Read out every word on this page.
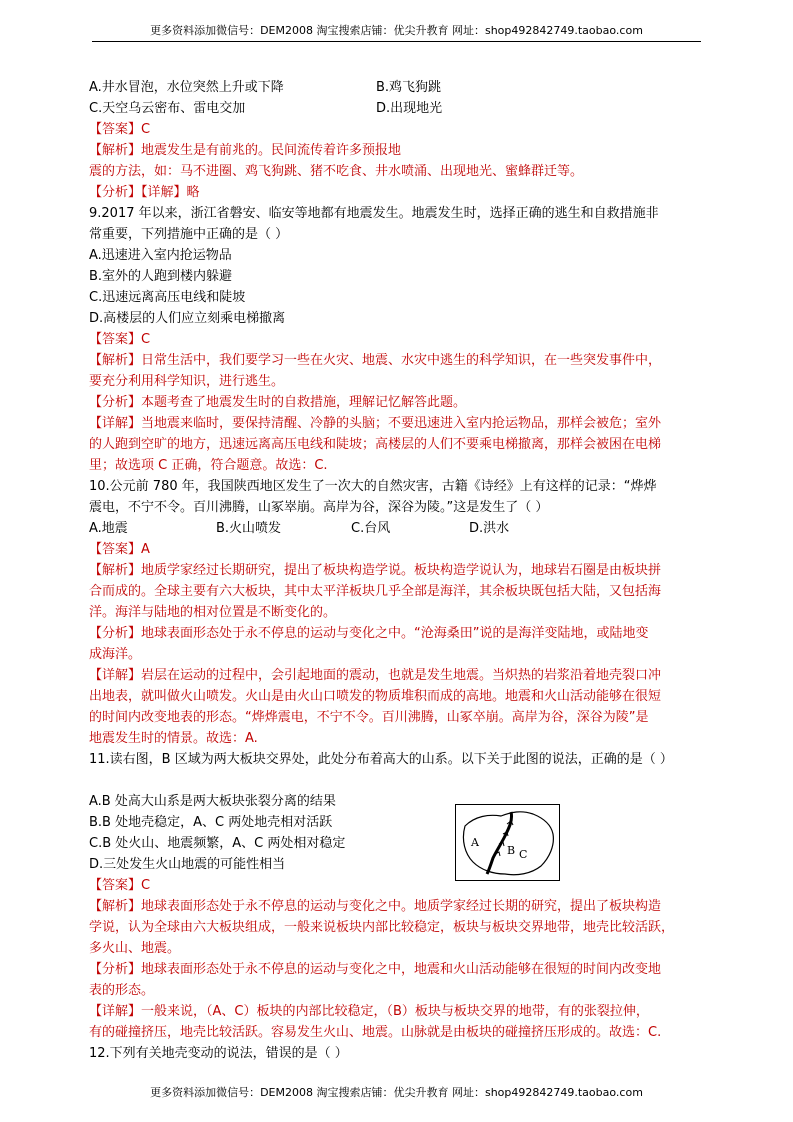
更多资料添加微信号：DEM2008 淘宝搜索店铺：优尖升教育 网址：shop492842749.taobao.com
A.井水冒泡，水位突然上升或下降	B.鸡飞狗跳
C.天空乌云密布、雷电交加	D.出现地光
【答案】C
【解析】地震发生是有前兆的。民间流传着许多预报地
震的方法，如：马不进圈、鸡飞狗跳、猪不吃食、井水喷涌、出现地光、蜜蜂群迁等。
【分析】【详解】略
9.2017 年以来，浙江省磐安、临安等地都有地震发生。地震发生时，选择正确的逃生和自救措施非
常重要，下列措施中正确的是（ ）
A.迅速进入室内抢运物品
B.室外的人跑到楼内躲避
C.迅速远离高压电线和陡坡
D.高楼层的人们应立刻乘电梯撤离
【答案】C
【解析】日常生活中，我们要学习一些在火灾、地震、水灾中逃生的科学知识，在一些突发事件中，
要充分利用科学知识，进行逃生。
【分析】本题考查了地震发生时的自救措施，理解记忆解答此题。
【详解】当地震来临时，要保持清醒、冷静的头脑；不要迅速进入室内抢运物品，那样会被危；室外
的人跑到空旷的地方，迅速远离高压电线和陡坡；高楼层的人们不要乘电梯撤离，那样会被困在电梯
里；故选项 C 正确，符合题意。故选：C.
10.公元前 780 年，我国陕西地区发生了一次大的自然灾害，古籍《诗经》上有这样的记录：“烨烨
震电，不宁不令。百川沸腾，山冢崒崩。高岸为谷，深谷为陵。”这是发生了（ ）
A.地震	B.火山喷发	C.台风	D.洪水
【答案】A
【解析】地质学家经过长期研究，提出了板块构造学说。板块构造学说认为，地球岩石圈是由板块拼
合而成的。全球主要有六大板块，其中太平洋板块几乎全部是海洋，其余板块既包括大陆，又包括海
洋。海洋与陆地的相对位置是不断变化的。
【分析】地球表面形态处于永不停息的运动与变化之中。“沧海桑田”说的是海洋变陆地，或陆地变
成海洋。
【详解】岩层在运动的过程中，会引起地面的震动，也就是发生地震。当炽热的岩浆沿着地壳裂口冲
出地表，就叫做火山喷发。火山是由火山口喷发的物质堆积而成的高地。地震和火山活动能够在很短
的时间内改变地表的形态。“烨烨震电，不宁不令。百川沸腾，山冢卒崩。高岸为谷，深谷为陵”是
地震发生时的情景。故选：A.
11.读右图，B 区域为两大板块交界处，此处分布着高大的山系。以下关于此图的说法，正确的是（ ）
A.B 处高大山系是两大板块张裂分离的结果
B.B 处地壳稳定，A、C 两处地壳相对活跃
C.B 处火山、地震频繁，A、C 两处相对稳定
D.三处发生火山地震的可能性相当
【答案】C
【解析】地球表面形态处于永不停息的运动与变化之中。地质学家经过长期的研究，提出了板块构造
学说，认为全球由六大板块组成，一般来说板块内部比较稳定，板块与板块交界地带，地壳比较活跃，
多火山、地震。
【分析】地球表面形态处于永不停息的运动与变化之中，地震和火山活动能够在很短的时间内改变地
表的形态。
【详解】一般来说，（A、C）板块的内部比较稳定，（B）板块与板块交界的地带，有的张裂拉伸，
有的碰撞挤压，地壳比较活跃。容易发生火山、地震。山脉就是由板块的碰撞挤压形成的。故选：C.
12.下列有关地壳变动的说法，错误的是（ ）
A
B C
更多资料添加微信号：DEM2008 淘宝搜索店铺：优尖升教育 网址：shop492842749.taobao.com
